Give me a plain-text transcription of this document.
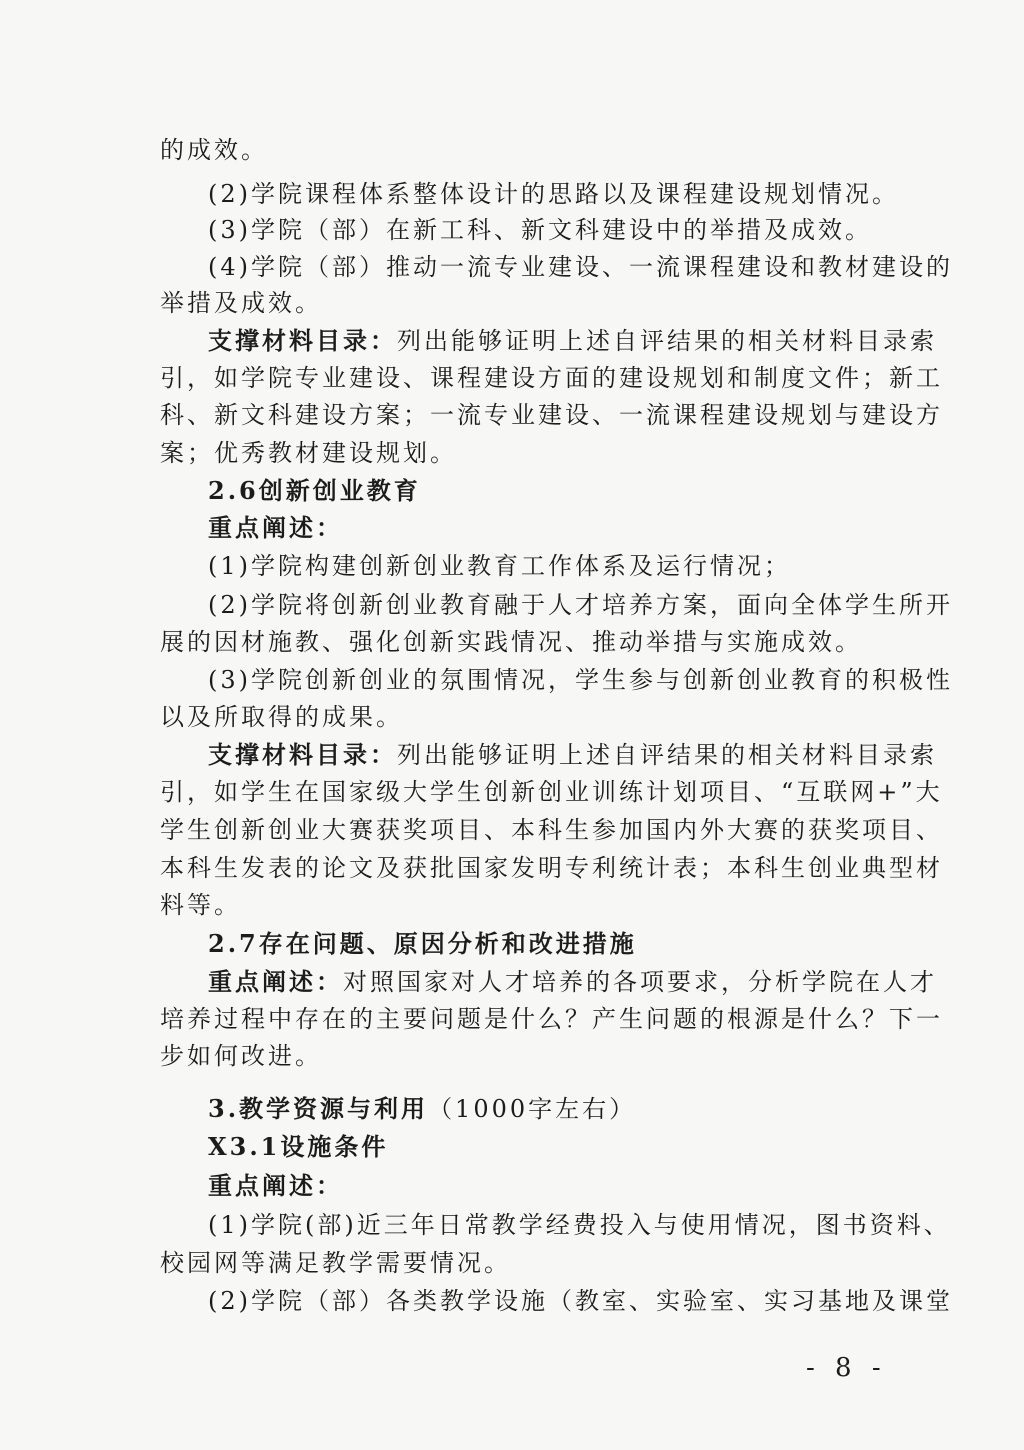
的成效。
(2)学院课程体系整体设计的思路以及课程建设规划情况。
(3)学院（部）在新工科、新文科建设中的举措及成效。
(4)学院（部）推动一流专业建设、一流课程建设和教材建设的
举措及成效。
支撑材料目录：列出能够证明上述自评结果的相关材料目录索
引，如学院专业建设、课程建设方面的建设规划和制度文件；新工
科、新文科建设方案；一流专业建设、一流课程建设规划与建设方
案；优秀教材建设规划。
2.6创新创业教育
重点阐述：
(1)学院构建创新创业教育工作体系及运行情况；
(2)学院将创新创业教育融于人才培养方案，面向全体学生所开
展的因材施教、强化创新实践情况、推动举措与实施成效。
(3)学院创新创业的氛围情况，学生参与创新创业教育的积极性
以及所取得的成果。
支撑材料目录：列出能够证明上述自评结果的相关材料目录索
引，如学生在国家级大学生创新创业训练计划项目、“互联网+”大
学生创新创业大赛获奖项目、本科生参加国内外大赛的获奖项目、
本科生发表的论文及获批国家发明专利统计表；本科生创业典型材
料等。
2.7存在问题、原因分析和改进措施
重点阐述：对照国家对人才培养的各项要求，分析学院在人才
培养过程中存在的主要问题是什么？产生问题的根源是什么？下一
步如何改进。
3.教学资源与利用（1000字左右）
X3.1设施条件
重点阐述：
(1)学院(部)近三年日常教学经费投入与使用情况，图书资料、
校园网等满足教学需要情况。
(2)学院（部）各类教学设施（教室、实验室、实习基地及课堂
- 8 -
